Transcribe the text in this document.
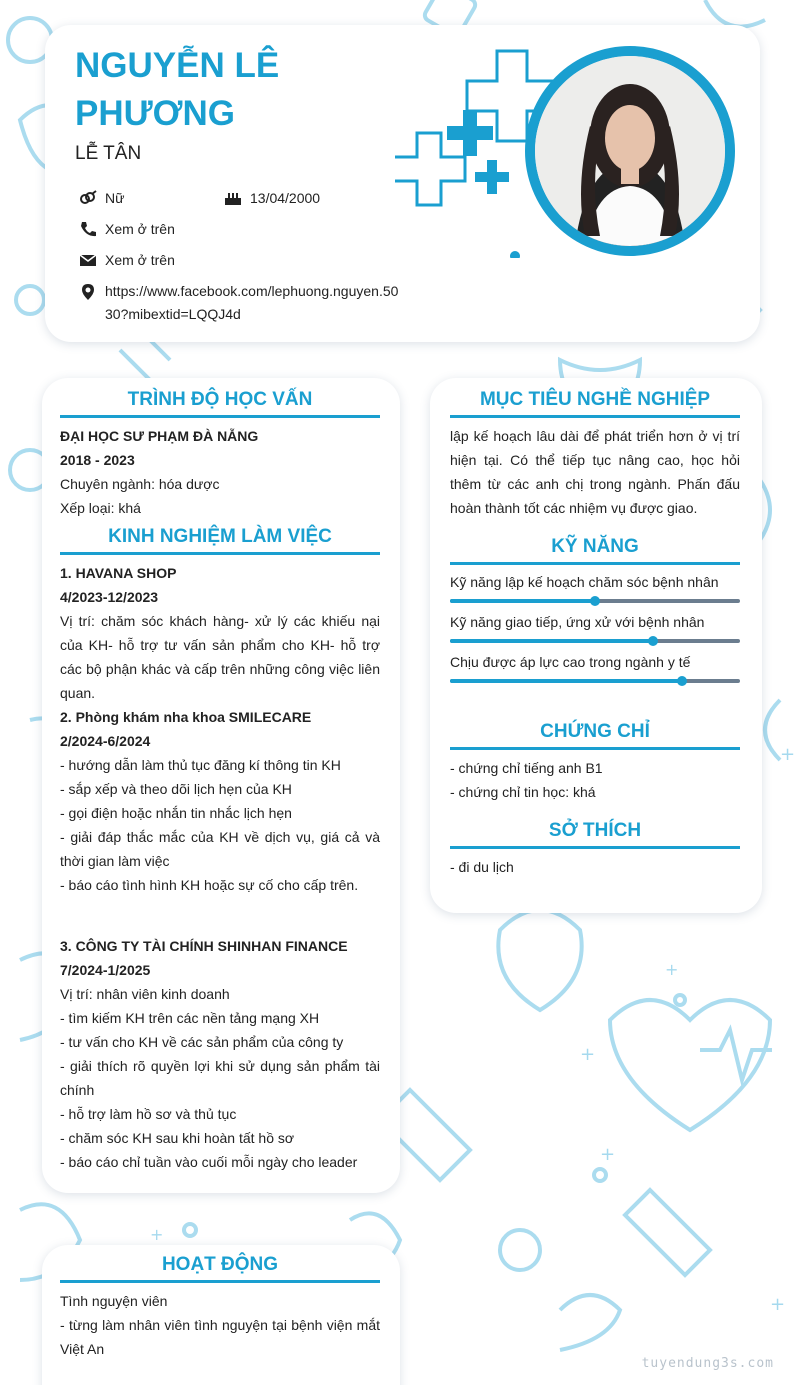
+
+
+
+
+
+
NGUYỄN LÊ PHƯƠNG
LỄ TÂN
Nữ	13/04/2000
Xem ở trên
Xem ở trên
https://www.facebook.com/lephuong.nguyen.5030?mibextid=LQQJ4d
TRÌNH ĐỘ HỌC VẤN
ĐẠI HỌC SƯ PHẠM ĐÀ NẴNG
2018 - 2023
Chuyên ngành: hóa dược
Xếp loại: khá
KINH NGHIỆM LÀM VIỆC
1. HAVANA SHOP
4/2023-12/2023
Vị trí: chăm sóc khách hàng- xử lý các khiếu nại của KH- hỗ trợ tư vấn sản phẩm cho KH- hỗ trợ các bộ phận khác và cấp trên những công việc liên quan.
2. Phòng khám nha khoa SMILECARE
2/2024-6/2024
- hướng dẫn làm thủ tục đăng kí thông tin KH
- sắp xếp và theo dõi lịch hẹn của KH
- gọi điện hoặc nhắn tin nhắc lịch hẹn
- giải đáp thắc mắc của KH về dịch vụ, giá cả và thời gian làm việc
- báo cáo tình hình KH hoặc sự cố cho cấp trên.
3. CÔNG TY TÀI CHÍNH SHINHAN FINANCE
7/2024-1/2025
Vị trí: nhân viên kinh doanh
- tìm kiếm KH trên các nền tảng mạng XH
- tư vấn cho KH về các sản phẩm của công ty
- giải thích rõ quyền lợi khi sử dụng sản phẩm tài chính
- hỗ trợ làm hồ sơ và thủ tục
- chăm sóc KH sau khi hoàn tất hồ sơ
- báo cáo chỉ tuần vào cuối mỗi ngày cho leader
MỤC TIÊU NGHỀ NGHIỆP
lập kế hoạch lâu dài để phát triển hơn ở vị trí hiện tại. Có thể tiếp tục nâng cao, học hỏi thêm từ các anh chị trong ngành. Phấn đấu hoàn thành tốt các nhiệm vụ được giao.
KỸ NĂNG
Kỹ năng lập kế hoạch chăm sóc bệnh nhân
Kỹ năng giao tiếp, ứng xử với bệnh nhân
Chịu được áp lực cao trong ngành y tế
CHỨNG CHỈ
- chứng chỉ tiếng anh B1
- chứng chỉ tin học: khá
SỞ THÍCH
- đi du lịch
HOẠT ĐỘNG
Tình nguyện viên
- từng làm nhân viên tình nguyện tại bệnh viện mắt Việt An
tuyendung3s.com
